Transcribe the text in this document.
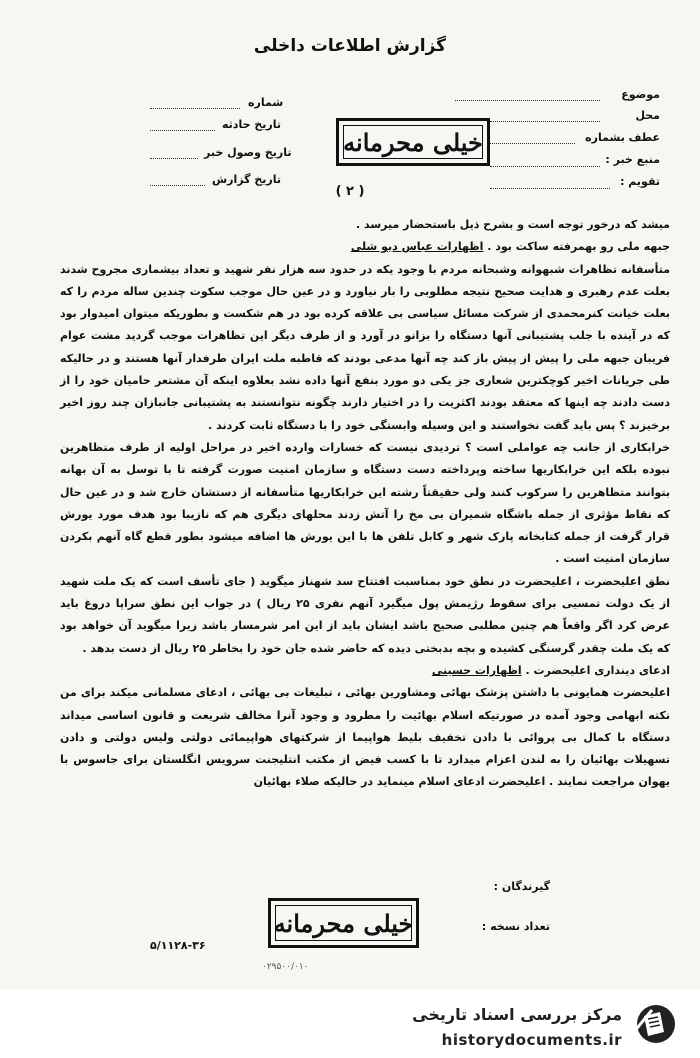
گزارش اطلاعات داخلی
موضوع
محل
عطف بشماره
منبع خبر :
تقویم :
شماره
تاریخ حادثه
تاریخ وصول خبر
تاریخ گزارش
خیلی محرمانه
( ۲ )

میشد که درخور توجه است و بشرح ذیل باستحضار میرسد .

جبهه ملی رو بهمرفته ساکت بود . اظهارات عباس دیو شلی

متأسفانه تظاهرات شبهوانه وشبحانه مردم با وجود یکه در حدود سه هزار نفر شهید و تعداد بیشماری مجروح شدند بعلت عدم رهبری و هدایت صحیح نتیجه مطلوبی را بار نیاورد و در عین حال موجب سکوت چندین ساله مردم را که بعلت خیانت کنرمحمدی از شرکت مسائل سیاسی بی علاقه کرده بود در هم شکست و بطوریکه میتوان امیدوار بود که در آینده با جلب پشتیبانی آنها دستگاه را بزانو در آورد و از طرف دیگر این تظاهرات موجب گردید مشت عوام فریبان جبهه ملی را پیش از پیش باز کند چه آنها مدعی بودند که قاطبه ملت ایران طرفدار آنها هستند و در حالیکه طی جریانات اخیر کوچکترین شعاری جز یکی دو مورد بنفع آنها داده نشد بعلاوه اینکه آن مشتعر حامیان خود را از دست دادند چه اینها که معتقد بودند اکثریت را در اختیار دارند چگونه نتوانستند به پشتیبانی جانبازان چند روز اخیر برخیزند ؟ پس باید گفت نخواستند و این وسیله وابستگی خود را با دستگاه ثابت کردند .

خرابکاری از جانب چه عواملی است ؟ تردیدی نیست که خسارات وارده اخیر در مراحل اولیه از طرف متظاهرین نبوده بلکه این خرابکاریها ساخته وپرداخته دست دستگاه و سازمان امنیت صورت گرفته تا با توسل به آن بهانه بتوانند متظاهرین را سرکوب کنند ولی حقیقتاً رشته این خرابکاریها متأسفانه از دستشان خارج شد و در عین حال که نقاط مؤثری از جمله باشگاه شمیران بی مخ را آتش زدند محلهای دیگری هم که نازیبا بود هدف مورد یورش قرار گرفت از جمله کتابخانه پارک شهر و کابل تلفن ها با این یورش ها اضافه میشود بطور قطع گاه آنهم بکردن سازمان امنیت است .

نطق اعلیحضرت ، اعلیحضرت در نطق خود بمناسبت افتتاح سد شهناز میگوید ( جای تأسف است که یک ملت شهید از یک دولت تمسیی برای سقوط رژیمش پول میگیرد آنهم نفری ۲۵ ریال ) در جواب این نطق سراپا دروغ باید عرض کرد اگر واقعاً هم چنین مطلبی صحیح باشد ایشان باید از این امر شرمسار باشد زیرا میگوید آن خواهد بود که یک ملت چقدر گرسنگی کشیده و بچه بدبختی دیده که حاضر شده جان خود را بخاطر ۲۵ ریال از دست بدهد .

ادعای دینداری اعلیحضرت . اظهارات حسینی

اعلیحضرت همایونی با داشتن پزشک بهائی ومشاورین بهائی ، تبلیغات بی بهائی ، ادعای مسلمانی میکند برای من نکته ابهامی وجود آمده در صورتیکه اسلام بهائیت را مطرود و وجود آنرا مخالف شریعت و قانون اساسی میداند دستگاه با کمال بی پروائی با دادن تخفیف بلیط هواپیما از شرکتهای هواپیمائی دولتی ولیس دولتی و دادن تسهیلات بهائیان را به لندن اعزام میدارد تا با کسب فیض از مکتب انتلیجنت سرویس انگلستان برای جاسوس با یهوان مراجعت نمایند . اعلیحضرت ادعای اسلام مینماید در حالیکه صلاء بهائیان

گیرندگان :
تعداد نسخه :
خیلی محرمانه
۵/۱۱۲۸-۳۶
۰۲۹۵۰۰/۰۱۰
مرکز بررسی اسناد تاریخی
historydocuments.ir
